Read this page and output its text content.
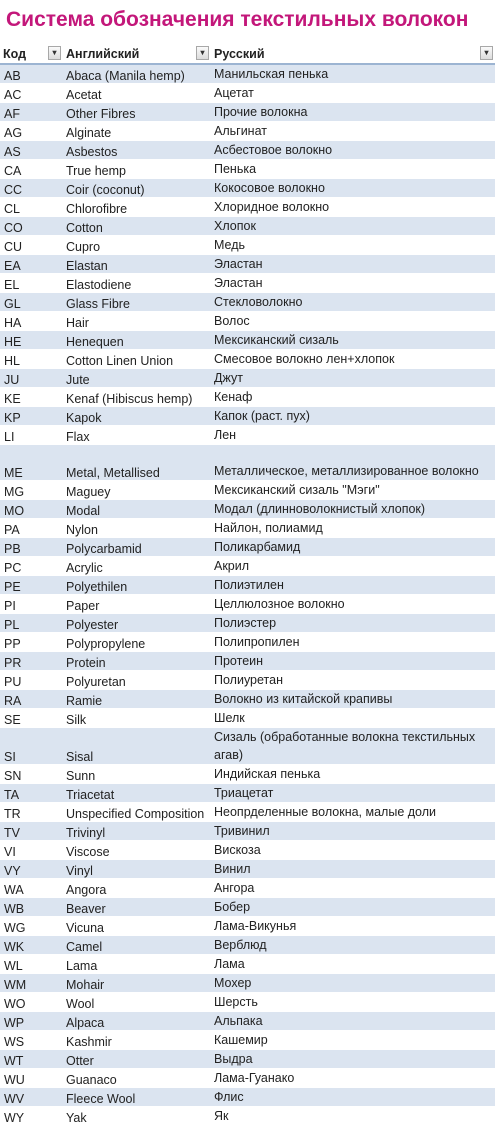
Система обозначения текстильных волокон
Код ▾	Английский ▾	Русский ▾

AB	Abaca (Manila hemp)	Манильская пенька
AC	Acetat	Ацетат
AF	Other Fibres	Прочие волокна
AG	Alginate	Альгинат
AS	Asbestos	Асбестовое волокно
CA	True hemp	Пенька
CC	Coir (coconut)	Кокосовое волокно
CL	Chlorofibre	Хлоридное волокно
CO	Cotton	Хлопок
CU	Cupro	Медь
EA	Elastan	Эластан
EL	Elastodiene	Эластан
GL	Glass Fibre	Стекловолокно
HA	Hair	Волос
HE	Henequen	Мексиканский сизаль
HL	Cotton Linen Union	Смесовое волокно лен+хлопок
JU	Jute	Джут
KE	Kenaf (Hibiscus hemp)	Кенаф
KP	Kapok	Капок (раст. пух)
LI	Flax	Лен
ME	Metal, Metallised	Металлическое, металлизированное волокно
MG	Maguey	Мексиканский сизаль "Мэги"
MO	Modal	Модал (длинноволокнистый хлопок)
PA	Nylon	Найлон, полиамид
PB	Polycarbamid	Поликарбамид
PC	Acrylic	Акрил
PE	Polyethilen	Полиэтилен
PI	Paper	Целлюлозное волокно
PL	Polyester	Полиэстер
PP	Polypropylene	Полипропилен
PR	Protein	Протеин
PU	Polyuretan	Полиуретан
RA	Ramie	Волокно из китайской крапивы
SE	Silk	Шелк
SI	Sisal	Сизаль (обработанные волокна текстильных агав)
SN	Sunn	Индийская пенька
TA	Triacetat	Триацетат
TR	Unspecified Composition	Неопрделенные волокна, малые доли
TV	Trivinyl	Тривинил
VI	Viscose	Вискоза
VY	Vinyl	Винил
WA	Angora	Ангора
WB	Beaver	Бобер
WG	Vicuna	Лама-Викунья
WK	Camel	Верблюд
WL	Lama	Лама
WM	Mohair	Мохер
WO	Wool	Шерсть
WP	Alpaca	Альпака
WS	Kashmir	Кашемир
WT	Otter	Выдра
WU	Guanaco	Лама-Гуанако
WV	Fleece Wool	Флис
WY	Yak	Як
